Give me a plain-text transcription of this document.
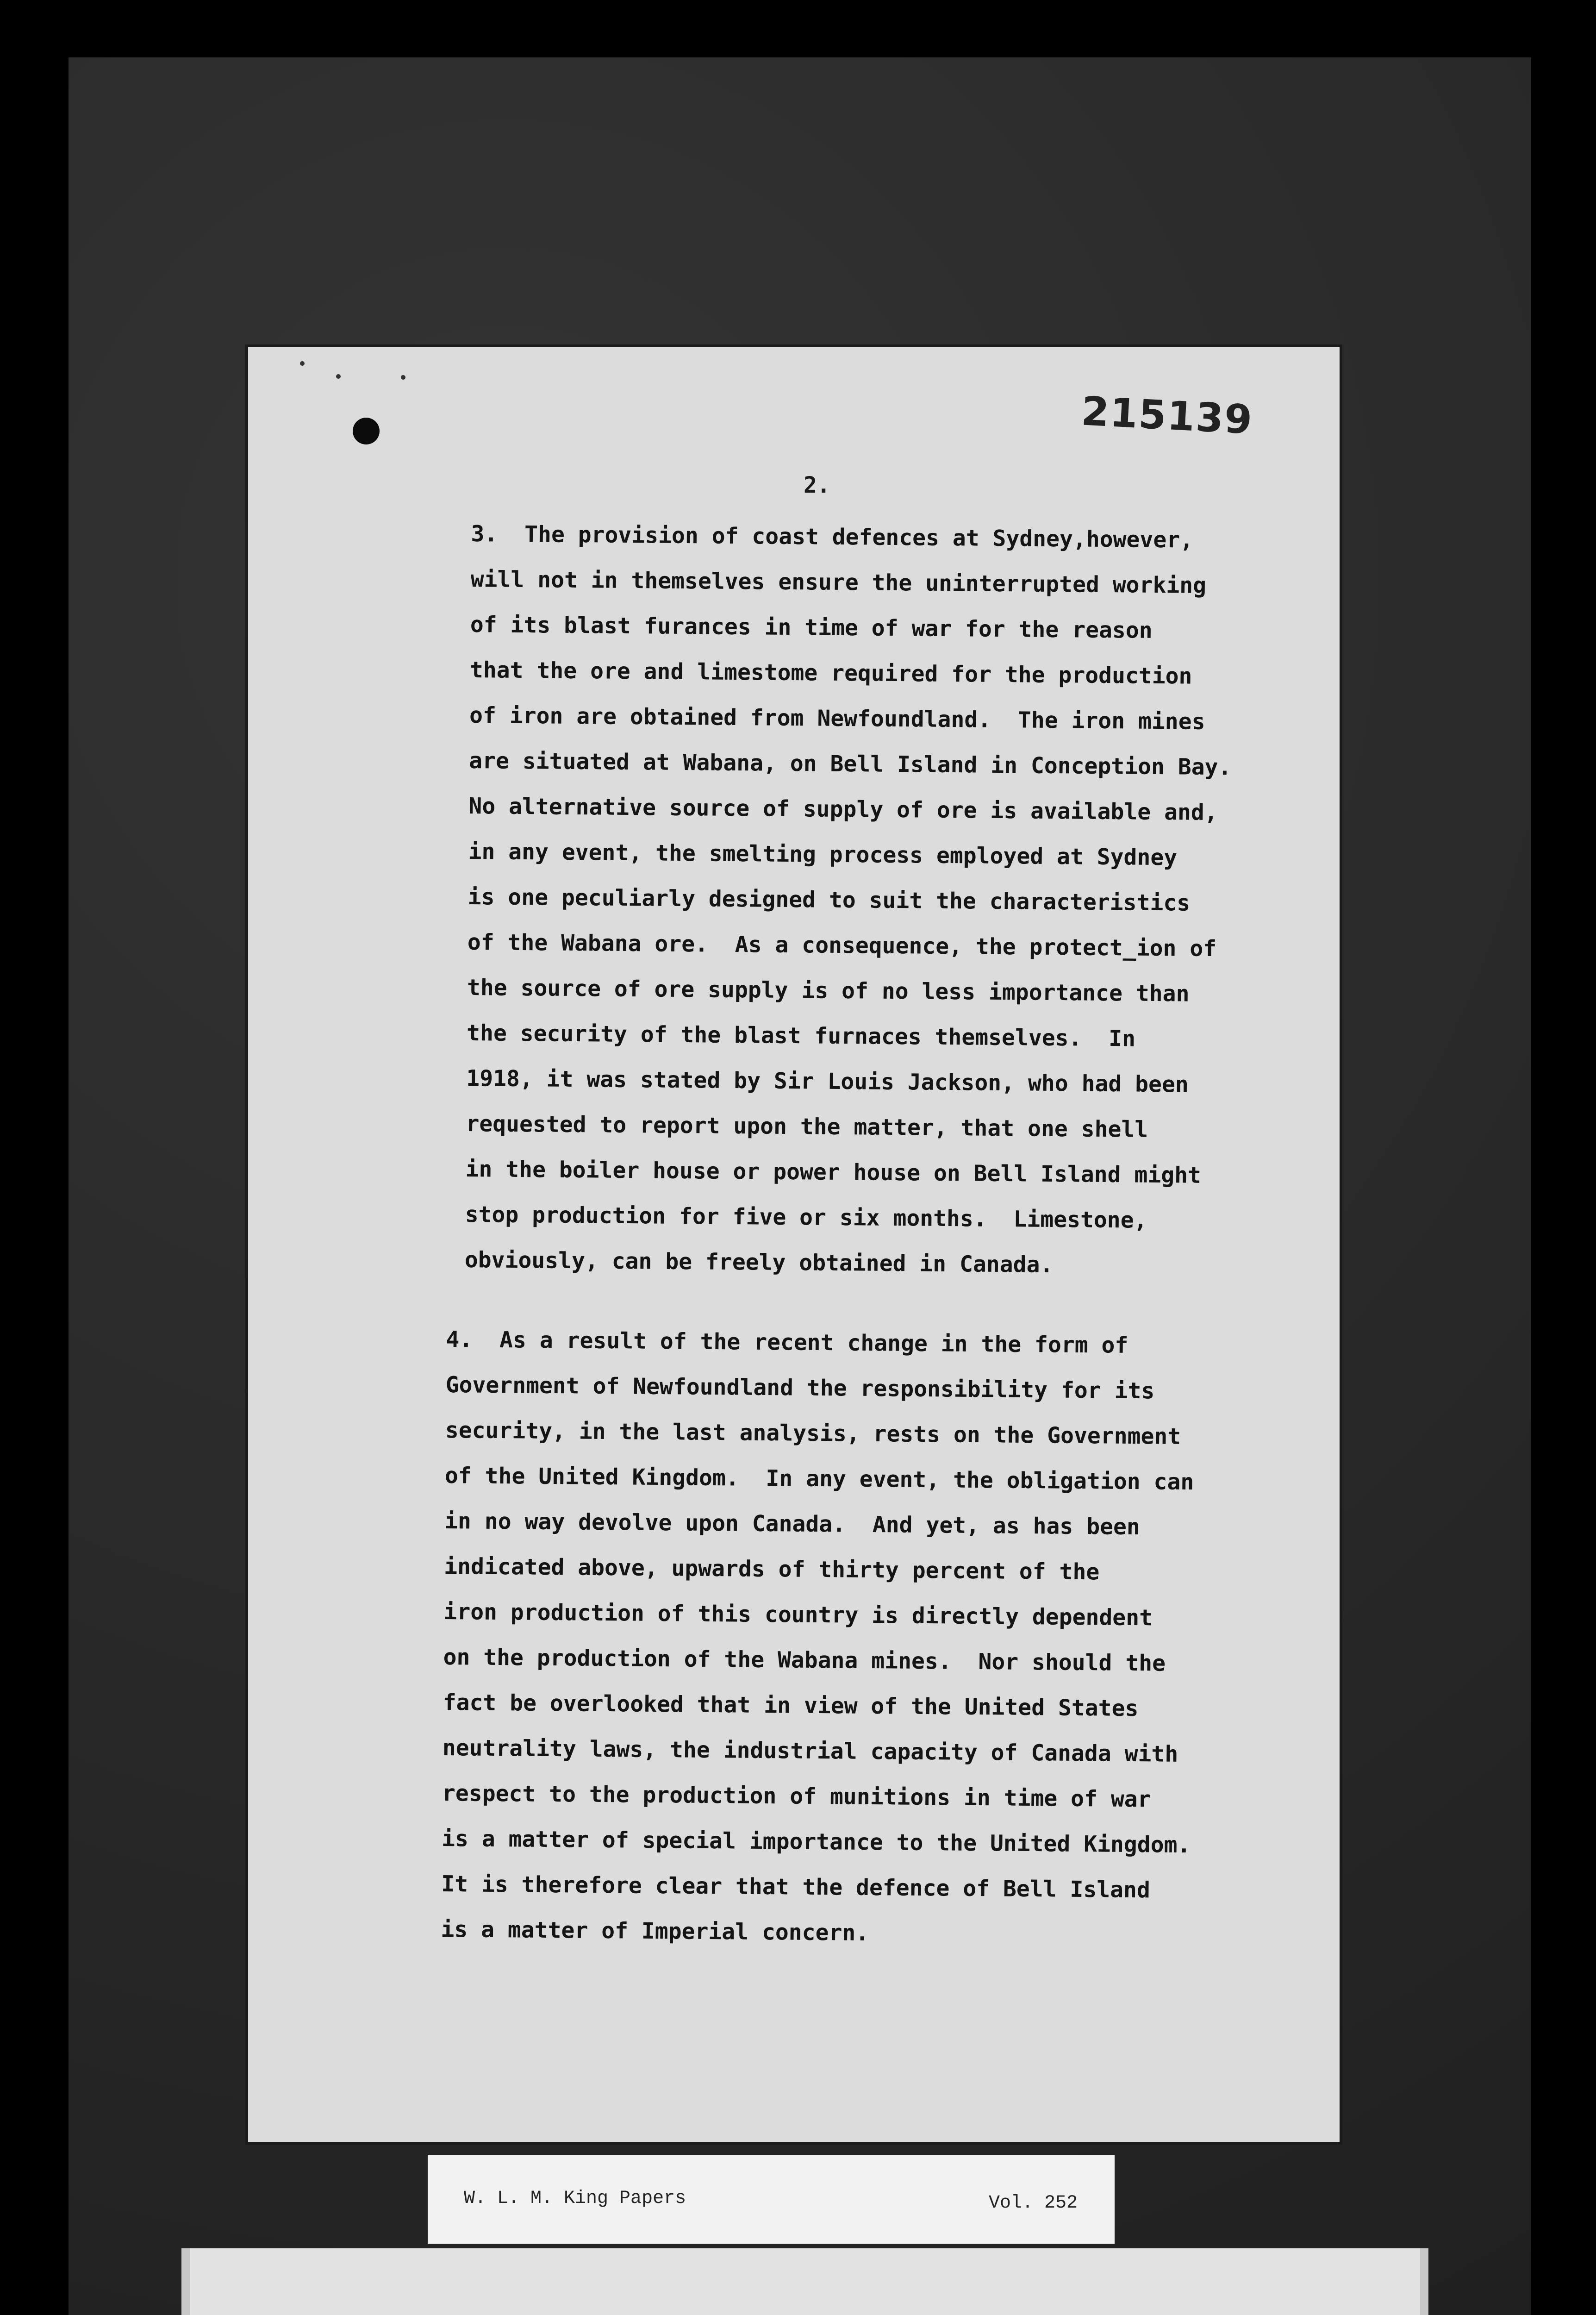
215139
2.
3.  The provision of coast defences at Sydney,however,
will not in themselves ensure the uninterrupted working
of its blast furances in time of war for the reason
that the ore and limestome required for the production
of iron are obtained from Newfoundland.  The iron mines
are situated at Wabana, on Bell Island in Conception Bay.
No alternative source of supply of ore is available and,
in any event, the smelting process employed at Sydney
is one peculiarly designed to suit the characteristics
of the Wabana ore.  As a consequence, the protect_ion of
the source of ore supply is of no less importance than
the security of the blast furnaces themselves.  In
1918, it was stated by Sir Louis Jackson, who had been
requested to report upon the matter, that one shell
in the boiler house or power house on Bell Island might
stop production for five or six months.  Limestone,
obviously, can be freely obtained in Canada.
4.  As a result of the recent change in the form of
Government of Newfoundland the responsibility for its
security, in the last analysis, rests on the Government
of the United Kingdom.  In any event, the obligation can
in no way devolve upon Canada.  And yet, as has been
indicated above, upwards of thirty percent of the
iron production of this country is directly dependent
on the production of the Wabana mines.  Nor should the
fact be overlooked that in view of the United States
neutrality laws, the industrial capacity of Canada with
respect to the production of munitions in time of war
is a matter of special importance to the United Kingdom.
It is therefore clear that the defence of Bell Island
is a matter of Imperial concern.
W. L. M. King Papers	Vol. 252
